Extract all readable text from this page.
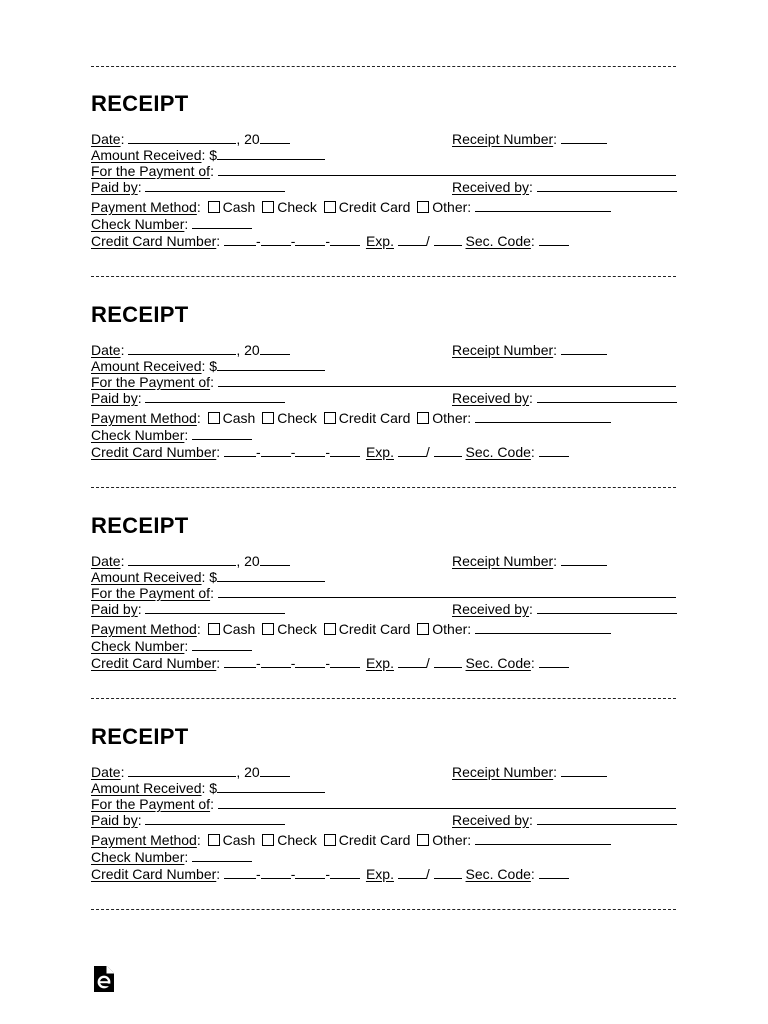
RECEIPT
Date:	, 20	Receipt Number:
Amount Received: $
For the Payment of:
Paid by:	Received by:
Payment Method: Cash Check Credit Card Other:
Check Number:
Credit Card Number:	- - -	Exp. /	Sec. Code:
RECEIPT
Date:	, 20	Receipt Number:
Amount Received: $
For the Payment of:
Paid by:	Received by:
Payment Method: Cash Check Credit Card Other:
Check Number:
Credit Card Number:	- - -	Exp. /	Sec. Code:
RECEIPT
Date:	, 20	Receipt Number:
Amount Received: $
For the Payment of:
Paid by:	Received by:
Payment Method: Cash Check Credit Card Other:
Check Number:
Credit Card Number:	- - -	Exp. /	Sec. Code:
RECEIPT
Date:	, 20	Receipt Number:
Amount Received: $
For the Payment of:
Paid by:	Received by:
Payment Method: Cash Check Credit Card Other:
Check Number:
Credit Card Number:	- - -	Exp. /	Sec. Code:
